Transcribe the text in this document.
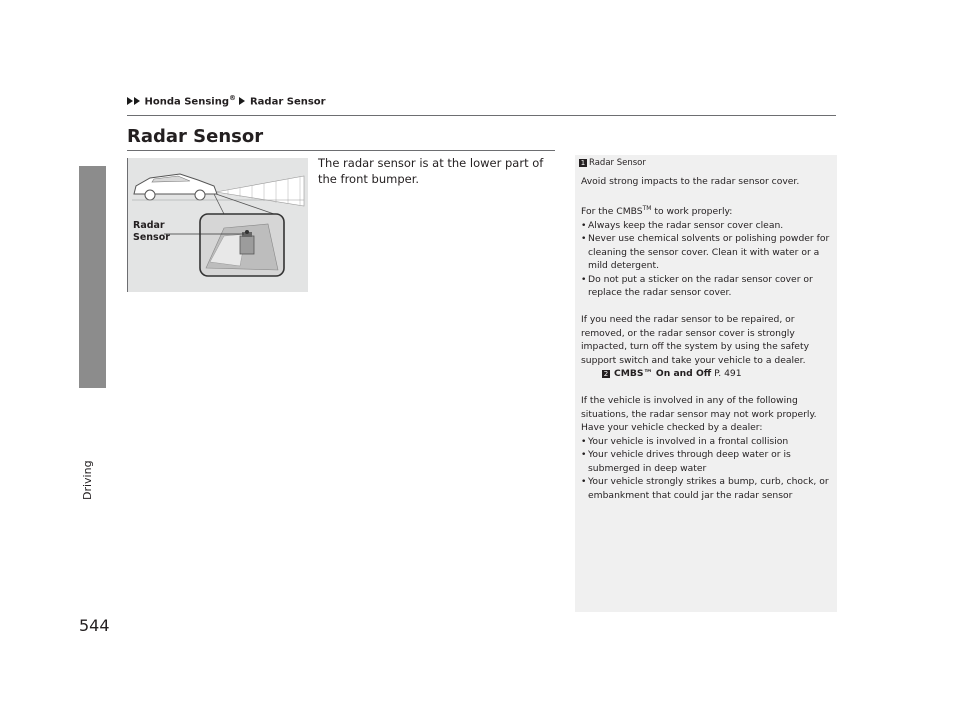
Honda Sensing® Radar Sensor
Radar Sensor
Driving
544
Radar
Sensor
The radar sensor is at the lower part of the front bumper.
1 Radar Sensor

Avoid strong impacts to the radar sensor cover.

For the CMBS™ to work properly:

• Always keep the radar sensor cover clean.
• Never use chemical solvents or polishing powder for cleaning the sensor cover. Clean it with water or a mild detergent.
• Do not put a sticker on the radar sensor cover or replace the radar sensor cover.

If you need the radar sensor to be repaired, or removed, or the radar sensor cover is strongly impacted, turn off the system by using the safety support switch and take your vehicle to a dealer.

2 CMBS™ On and Off P. 491

If the vehicle is involved in any of the following situations, the radar sensor may not work properly. Have your vehicle checked by a dealer:

• Your vehicle is involved in a frontal collision
• Your vehicle drives through deep water or is submerged in deep water
• Your vehicle strongly strikes a bump, curb, chock, or embankment that could jar the radar sensor
